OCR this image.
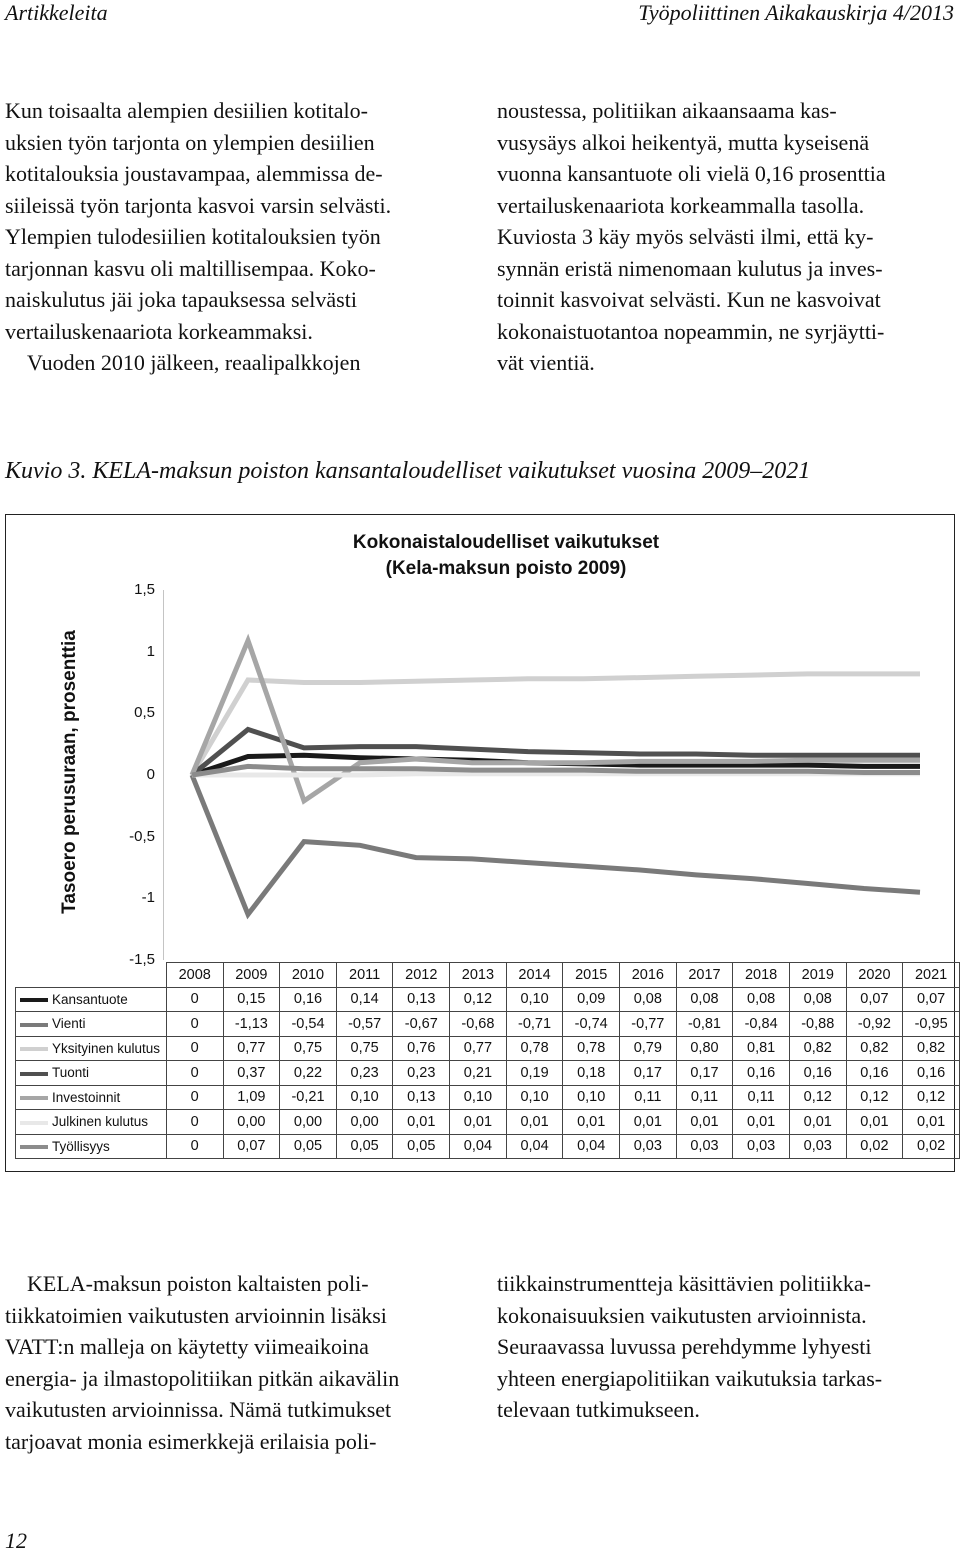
Artikkeleita	Työpoliittinen Aikakauskirja 4/2013

Kun toisaalta alempien desiilien kotitalo-

uksien työn tarjonta on ylempien desiilien

kotitalouksia joustavampaa, alemmissa de-

siileissä työn tarjonta kasvoi varsin selvästi.

Ylempien tulodesiilien kotitalouksien työn

tarjonnan kasvu oli maltillisempaa. Koko-

naiskulutus jäi joka tapauksessa selvästi

vertailuskenaariota korkeammaksi.

Vuoden 2010 jälkeen, reaalipalkkojen

noustessa, politiikan aikaansaama kas-

vusysäys alkoi heikentyä, mutta kyseisenä

vuonna kansantuote oli vielä 0,16 prosenttia

vertailuskenaariota korkeammalla tasolla.

Kuviosta 3 käy myös selvästi ilmi, että ky-

synnän eristä nimenomaan kulutus ja inves-

toinnit kasvoivat selvästi. Kun ne kasvoivat

kokonaistuotantoa nopeammin, ne syrjäytti-

vät vientiä.

Kuvio 3. KELA-maksun poiston kansantaloudelliset vaikutukset vuosina 2009–2021
Kokonaistaloudelliset vaikutukset
(Kela-maksun poisto 2009)
Tasoero perusuraan, prosenttia
1,5
1
0,5
0
-0,5
-1
-1,5
	2008	2009	2010	2011	2012	2013	2014	2015	2016	2017	2018	2019	2020	2021
Kansantuote	0	0,15	0,16	0,14	0,13	0,12	0,10	0,09	0,08	0,08	0,08	0,08	0,07	0,07
Vienti	0	-1,13	-0,54	-0,57	-0,67	-0,68	-0,71	-0,74	-0,77	-0,81	-0,84	-0,88	-0,92	-0,95
Yksityinen kulutus	0	0,77	0,75	0,75	0,76	0,77	0,78	0,78	0,79	0,80	0,81	0,82	0,82	0,82
Tuonti	0	0,37	0,22	0,23	0,23	0,21	0,19	0,18	0,17	0,17	0,16	0,16	0,16	0,16
Investoinnit	0	1,09	-0,21	0,10	0,13	0,10	0,10	0,10	0,11	0,11	0,11	0,12	0,12	0,12
Julkinen kulutus	0	0,00	0,00	0,00	0,01	0,01	0,01	0,01	0,01	0,01	0,01	0,01	0,01	0,01
Työllisyys	0	0,07	0,05	0,05	0,05	0,04	0,04	0,04	0,03	0,03	0,03	0,03	0,02	0,02

KELA-maksun poiston kaltaisten poli-

tiikkatoimien vaikutusten arvioinnin lisäksi

VATT:n malleja on käytetty viimeaikoina

energia- ja ilmastopolitiikan pitkän aikavälin

vaikutusten arvioinnissa. Nämä tutkimukset

tarjoavat monia esimerkkejä erilaisia poli-

tiikkainstrumentteja käsittävien politiikka-

kokonaisuuksien vaikutusten arvioinnista.

Seuraavassa luvussa perehdymme lyhyesti

yhteen energiapolitiikan vaikutuksia tarkas-

televaan tutkimukseen.

12
